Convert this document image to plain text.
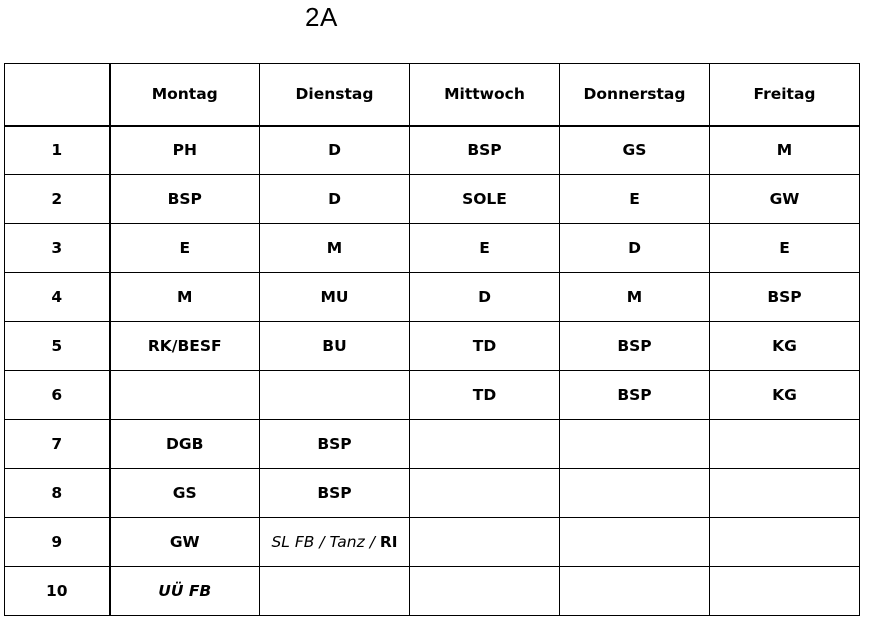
2A
	Montag	Dienstag	Mittwoch	Donnerstag	Freitag
1	PH	D	BSP	GS	M
2	BSP	D	SOLE	E	GW
3	E	M	E	D	E
4	M	MU	D	M	BSP
5	RK/BESF	BU	TD	BSP	KG
6			TD	BSP	KG
7	DGB	BSP			
8	GS	BSP			
9	GW	SL FB / Tanz / RI			
10	UÜ FB				
